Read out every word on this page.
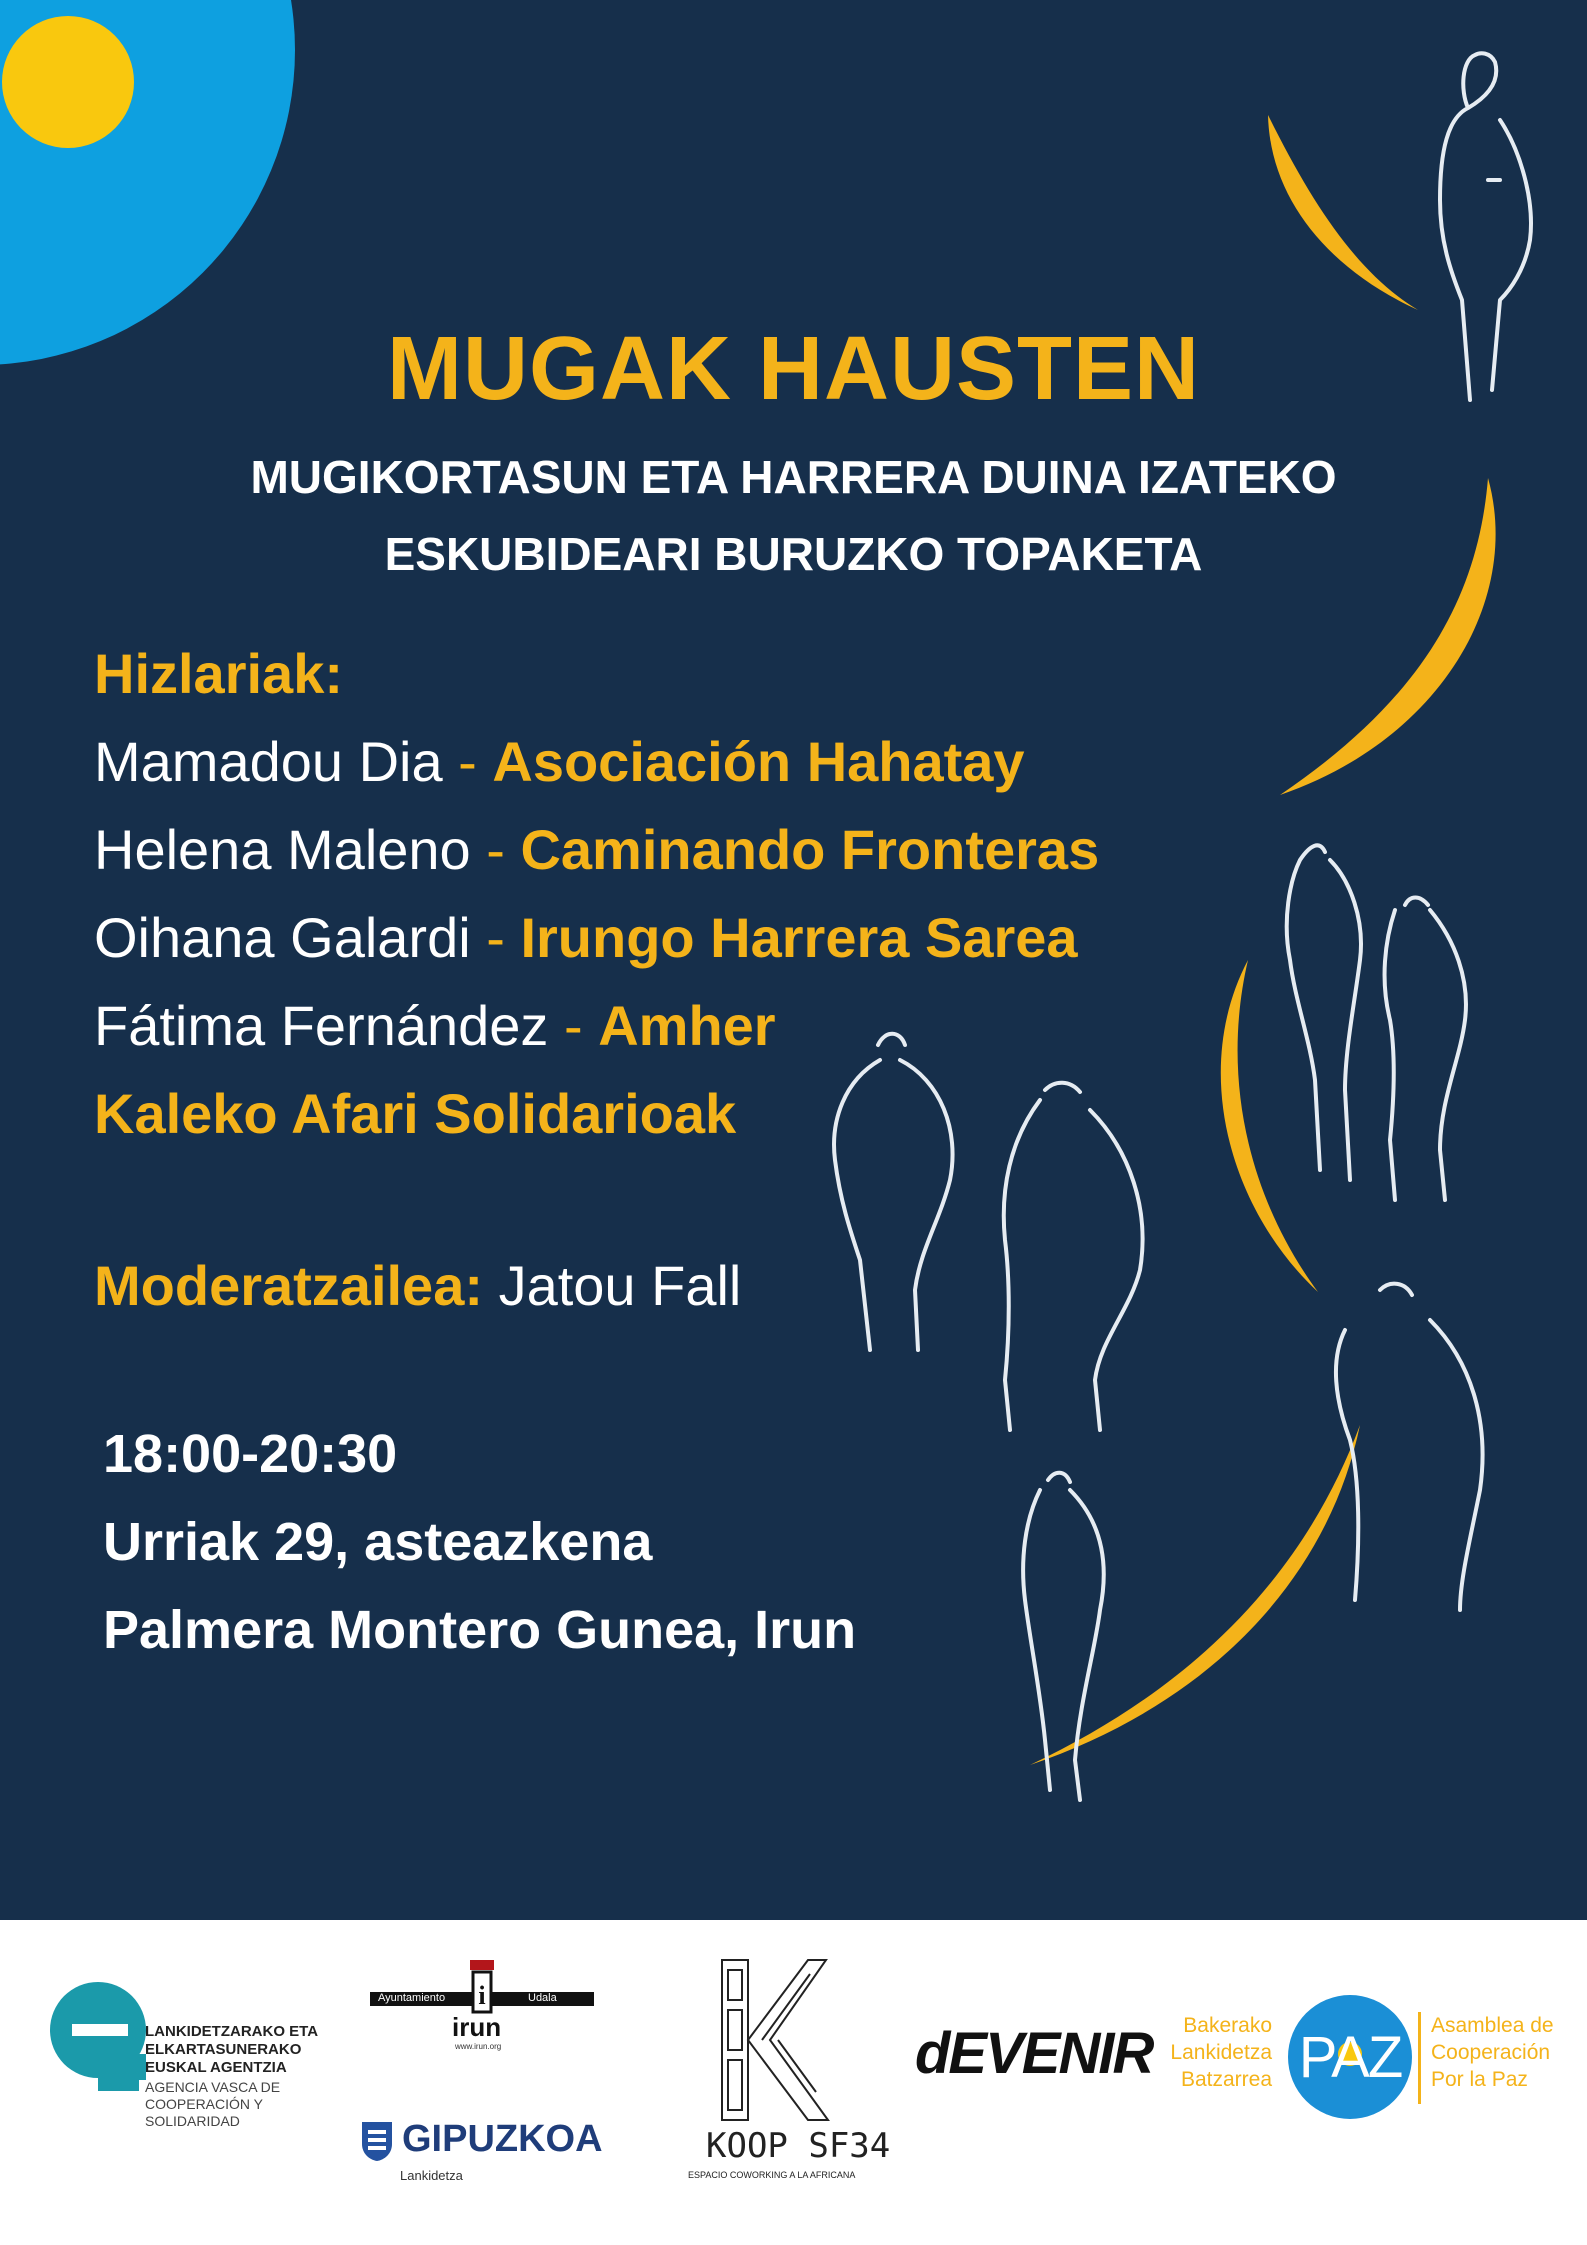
MUGAK HAUSTEN
MUGIKORTASUN ETA HARRERA DUINA IZATEKO
ESKUBIDEARI BURUZKO TOPAKETA
Hizlariak:
Mamadou Dia - Asociación Hahatay
Helena Maleno - Caminando Fronteras
Oihana Galardi - Irungo Harrera Sarea
Fátima Fernández - Amher
Kaleko Afari Solidarioak
Moderatzailea: Jatou Fall
18:00-20:30
Urriak 29, asteazkena
Palmera Montero Gunea, Irun
LANKIDETZARAKO ETA
ELKARTASUNERAKO
EUSKAL AGENTZIA
AGENCIA VASCA DE
COOPERACIÓN Y
SOLIDARIDAD
Ayuntamiento	Udala
i
irun
www.irun.org
GIPUZKOA
Lankidetza
KOOP SF34
ESPACIO COWORKING A LA AFRICANA
dEVENIR	Bakerako
Lankidetza
Batzarrea PAZ	Asamblea de
Cooperación
Por la Paz
